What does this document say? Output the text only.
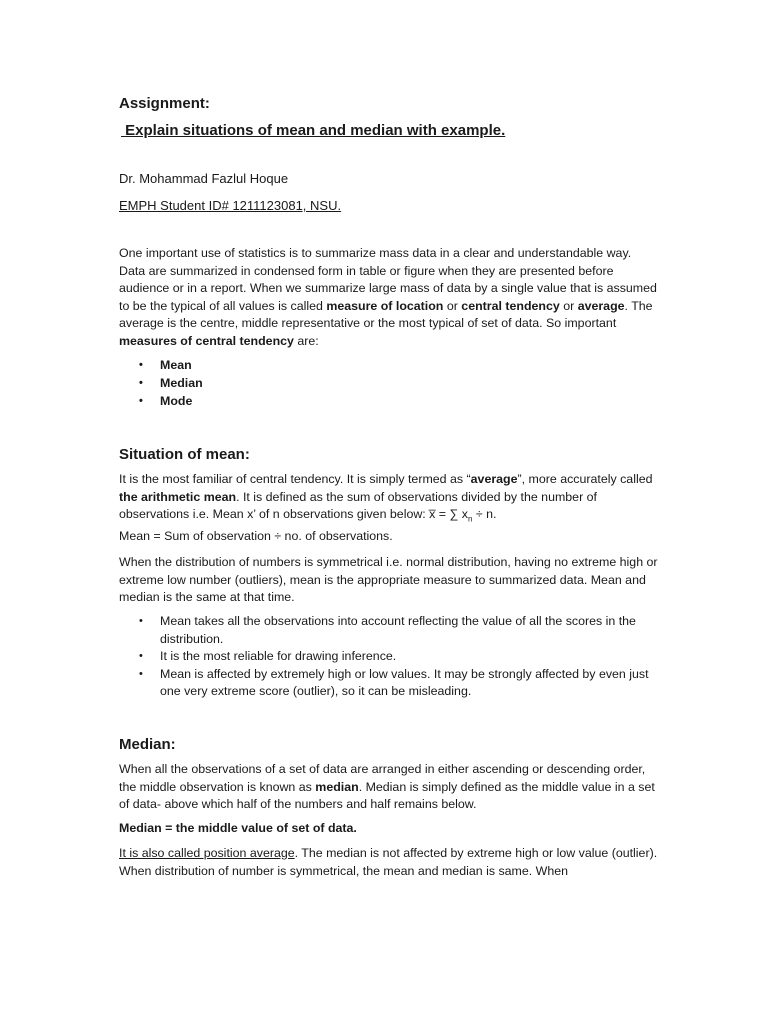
Assignment:
Explain situations of mean and median with example.

Dr. Mohammad Fazlul Hoque

EMPH Student ID# 1211123081, NSU.

One important use of statistics is to summarize mass data in a clear and understandable way. Data are summarized in condensed form in table or figure when they are presented before audience or in a report. When we summarize large mass of data by a single value that is assumed to be the typical of all values is called measure of location or central tendency or average. The average is the centre, middle representative or the most typical of set of data. So important measures of central tendency are:

• Mean
• Median
• Mode
Situation of mean:

It is the most familiar of central tendency. It is simply termed as “average”, more accurately called the arithmetic mean. It is defined as the sum of observations divided by the number of observations i.e. Mean x’ of n observations given below: x̅ = ∑ $x_n \div n$.

Mean = Sum of observation ÷ no. of observations.

When the distribution of numbers is symmetrical i.e. normal distribution, having no extreme high or extreme low number (outliers), mean is the appropriate measure to summarized data. Mean and median is the same at that time.

• Mean takes all the observations into account reflecting the value of all the scores in the distribution.
• It is the most reliable for drawing inference.
• Mean is affected by extremely high or low values. It may be strongly affected by even just one very extreme score (outlier), so it can be misleading.
Median:

When all the observations of a set of data are arranged in either ascending or descending order, the middle observation is known as median. Median is simply defined as the middle value in a set of data- above which half of the numbers and half remains below.

Median = the middle value of set of data.

It is also called position average. The median is not affected by extreme high or low value (outlier). When distribution of number is symmetrical, the mean and median is same. When
